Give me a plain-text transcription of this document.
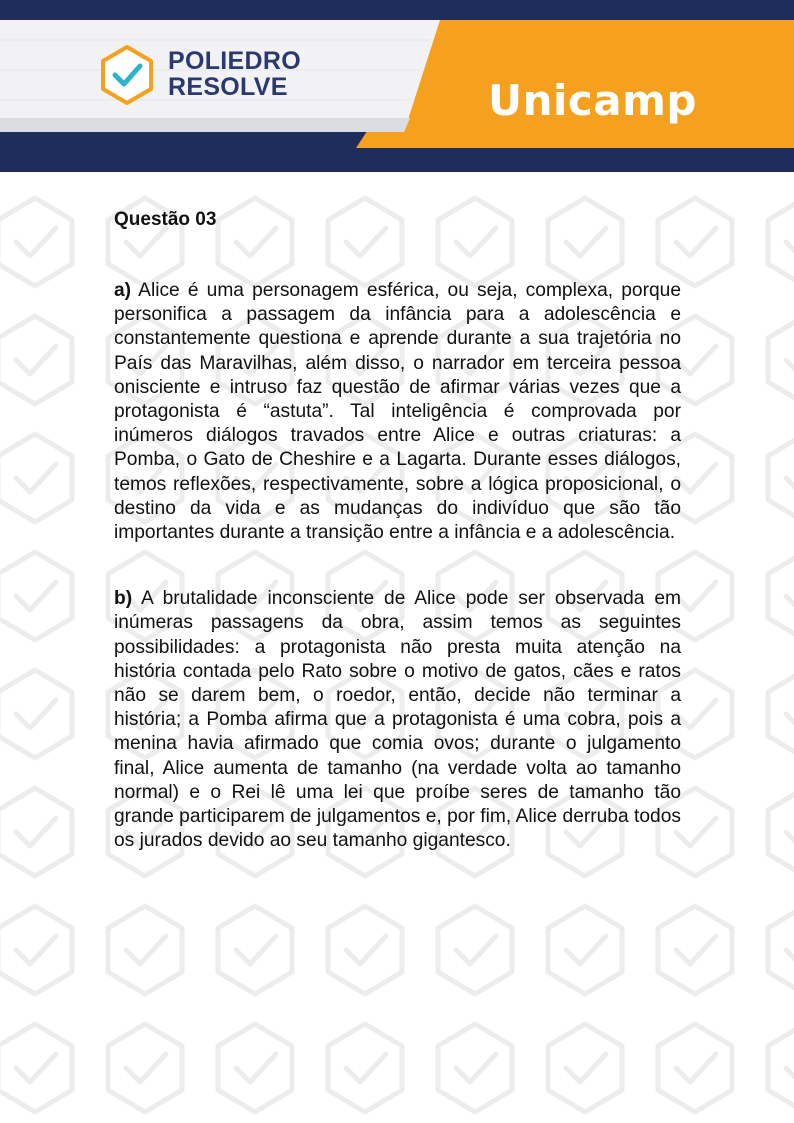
POLIEDRO
RESOLVE	Unicamp
Questão 03

a) Alice é uma personagem esférica, ou seja, complexa, porque personifica a passagem da infância para a adolescência e constantemente questiona e aprende durante a sua trajetória no País das Maravilhas, além disso, o narrador em terceira pessoa onisciente e intruso faz questão de afirmar várias vezes que a protagonista é “astuta”. Tal inteligência é comprovada por inúmeros diálogos travados entre Alice e outras criaturas: a Pomba, o Gato de Cheshire e a Lagarta. Durante esses diálogos, temos reflexões, respectivamente, sobre a lógica proposicional, o destino da vida e as mudanças do indivíduo que são tão importantes durante a transição entre a infância e a adolescência.

b) A brutalidade inconsciente de Alice pode ser observada em inúmeras passagens da obra, assim temos as seguintes possibilidades: a protagonista não presta muita atenção na história contada pelo Rato sobre o motivo de gatos, cães e ratos não se darem bem, o roedor, então, decide não terminar a história; a Pomba afirma que a protagonista é uma cobra, pois a menina havia afirmado que comia ovos; durante o julgamento final, Alice aumenta de tamanho (na verdade volta ao tamanho normal) e o Rei lê uma lei que proíbe seres de tamanho tão grande participarem de julgamentos e, por fim, Alice derruba todos os jurados devido ao seu tamanho gigantesco.
